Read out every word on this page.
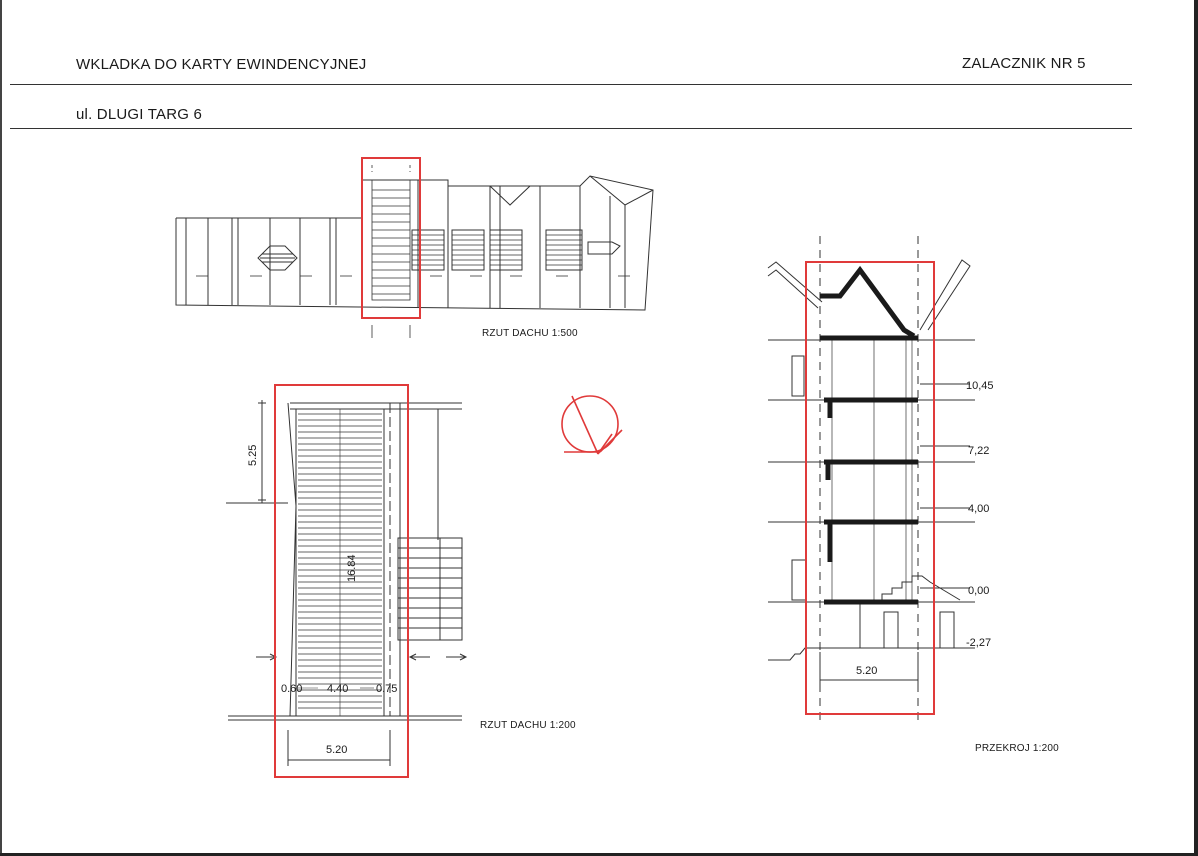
WKLADKA DO KARTY EWINDENCYJNEJ	ZALACZNIK NR 5
ul. DLUGI TARG 6
RZUT DACHU 1:500
5.25
16.84
0.60 4.40	0.75
5.20
RZUT DACHU 1:200
10,45
7,22
4,00
0,00
-2,27
5.20
PRZEKROJ 1:200
